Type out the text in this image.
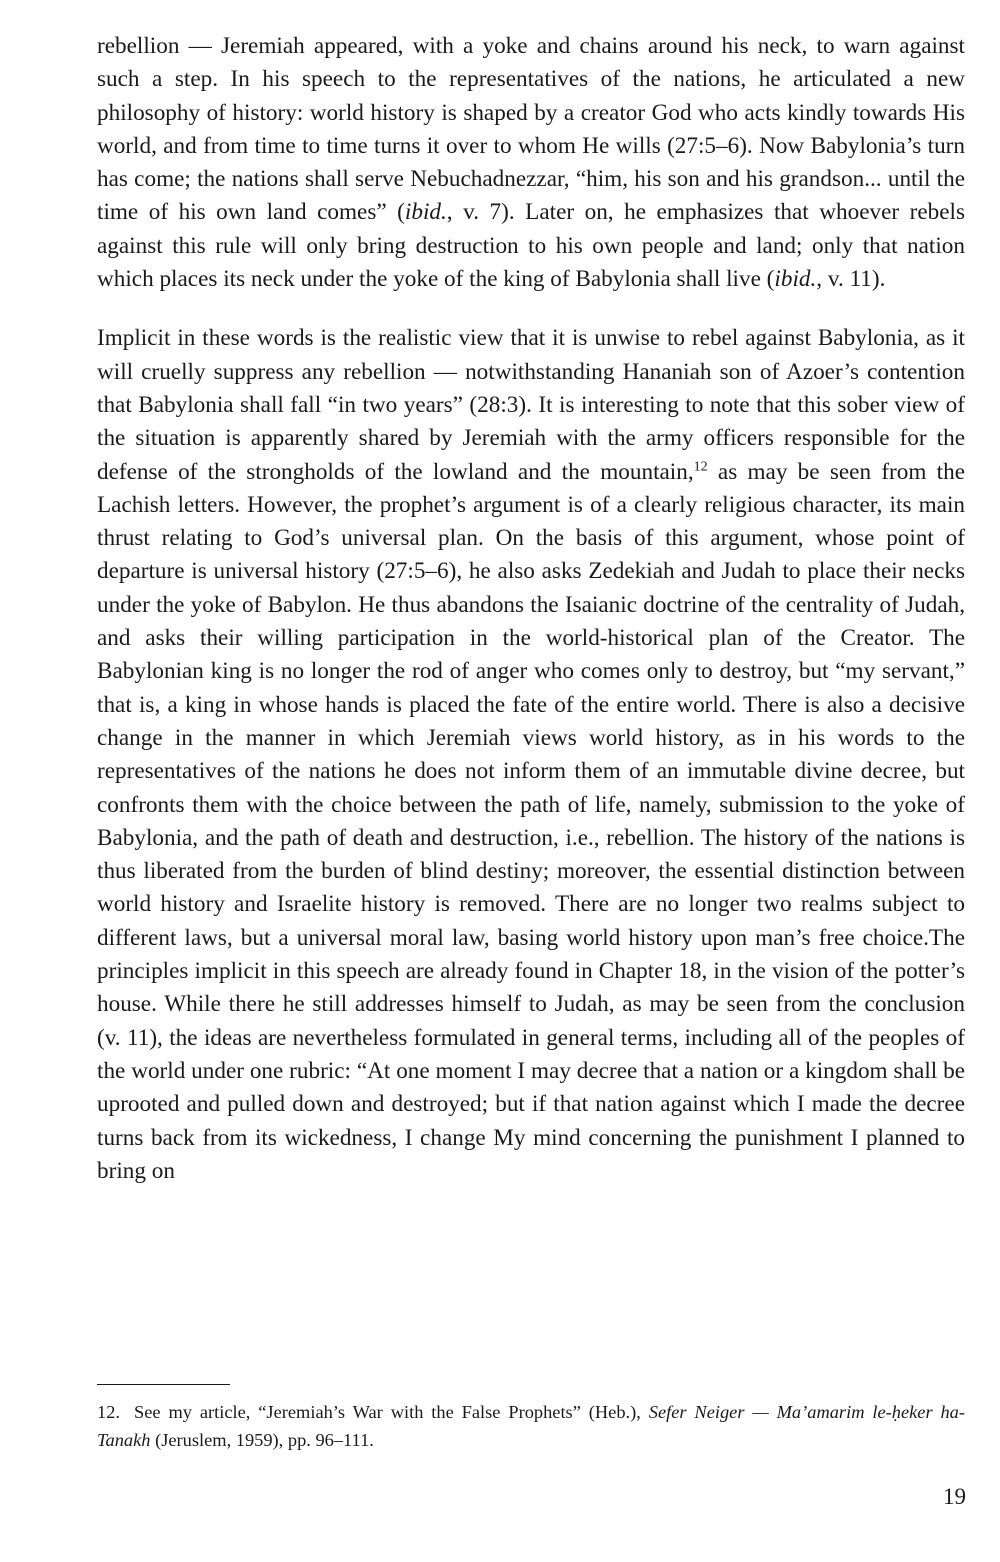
rebellion — Jeremiah appeared, with a yoke and chains around his neck, to warn against such a step. In his speech to the representatives of the nations, he articulated a new philosophy of history: world history is shaped by a creator God who acts kindly towards His world, and from time to time turns it over to whom He wills (27:5–6). Now Babylonia’s turn has come; the nations shall serve Nebuchadnezzar, “him, his son and his grandson... until the time of his own land comes” (ibid., v. 7). Later on, he emphasizes that whoever rebels against this rule will only bring destruction to his own people and land; only that nation which places its neck under the yoke of the king of Babylonia shall live (ibid., v. 11).

Implicit in these words is the realistic view that it is unwise to rebel against Babylonia, as it will cruelly suppress any rebellion — notwithstanding Hananiah son of Azoer’s contention that Babylonia shall fall “in two years” (28:3). It is interesting to note that this sober view of the situation is apparently shared by Jeremiah with the army officers responsible for the defense of the strongholds of the lowland and the mountain,$^{12}$ as may be seen from the Lachish letters. However, the prophet’s argument is of a clearly religious character, its main thrust relating to God’s universal plan. On the basis of this argument, whose point of departure is universal history (27:5–6), he also asks Zedekiah and Judah to place their necks under the yoke of Babylon. He thus abandons the Isaianic doctrine of the centrality of Judah, and asks their willing participation in the world-historical plan of the Creator. The Babylonian king is no longer the rod of anger who comes only to destroy, but “my servant,” that is, a king in whose hands is placed the fate of the entire world. There is also a decisive change in the manner in which Jeremiah views world history, as in his words to the representatives of the nations he does not inform them of an immutable divine decree, but confronts them with the choice between the path of life, namely, submission to the yoke of Babylonia, and the path of death and destruction, i.e., rebellion. The history of the nations is thus liberated from the burden of blind destiny; moreover, the essential distinction between world history and Israelite history is removed. There are no longer two realms subject to different laws, but a universal moral law, basing world history upon man’s free choice.The principles implicit in this speech are already found in Chapter 18, in the vision of the potter’s house. While there he still addresses himself to Judah, as may be seen from the conclusion (v. 11), the ideas are nevertheless formulated in general terms, including all of the peoples of the world under one rubric: “At one moment I may decree that a nation or a kingdom shall be uprooted and pulled down and destroyed; but if that nation against which I made the decree turns back from its wickedness, I change My mind concerning the punishment I planned to bring on

12. See my article, “Jeremiah’s War with the False Prophets” (Heb.), Sefer Neiger — Ma’amarim le-ḥeker ha-Tanakh (Jeruslem, 1959), pp. 96–111.

19
